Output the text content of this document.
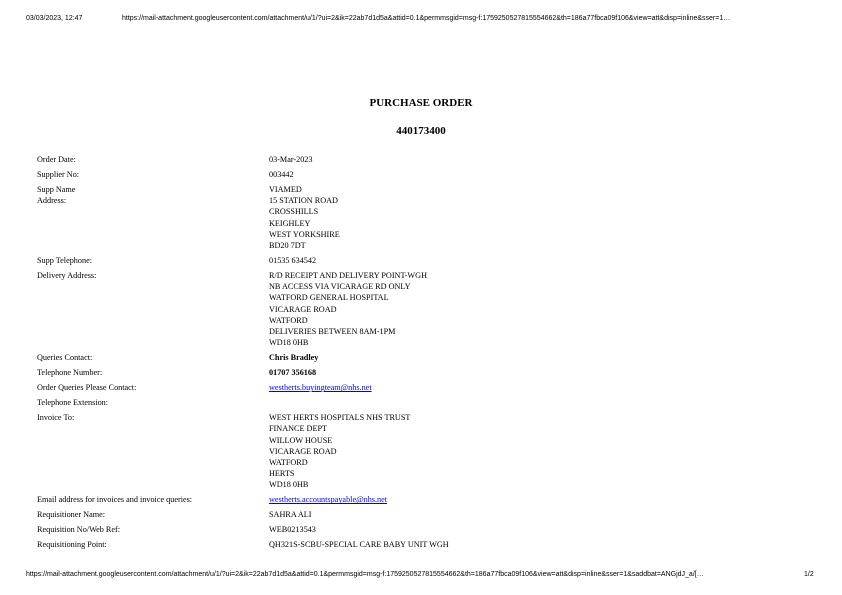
03/03/2023, 12:47	https://mail-attachment.googleusercontent.com/attachment/u/1/?ui=2&ik=22ab7d1d5a&attid=0.1&permmsgid=msg-f:1759250527815554662&th=186a77fbca09f106&view=att&disp=inline&sser=1…
PURCHASE ORDER
440173400
Order Date:	03-Mar-2023
Supplier No:	003442
Supp Name	VIAMED
Address:	15 STATION ROAD
CROSSHILLS
KEIGHLEY
WEST YORKSHIRE
BD20 7DT
Supp Telephone:	01535 634542
Delivery Address:	R/D RECEIPT AND DELIVERY POINT-WGH
NB ACCESS VIA VICARAGE RD ONLY
WATFORD GENERAL HOSPITAL
VICARAGE ROAD
WATFORD
DELIVERIES BETWEEN 8AM-1PM
WD18 0HB
Queries Contact:	Chris Bradley
Telephone Number:	01707 356168
Order Queries Please Contact:	westherts.buyingteam@nhs.net
Telephone Extension:
Invoice To:	WEST HERTS HOSPITALS NHS TRUST
FINANCE DEPT
WILLOW HOUSE
VICARAGE ROAD
WATFORD
HERTS
WD18 0HB
Email address for invoices and invoice queries:	westherts.accountspayable@nhs.net
Requisitioner Name:	SAHRA ALI
Requisition No/Web Ref:	WEB0213543
Requisitioning Point:	QH321S-SCBU-SPECIAL CARE BABY UNIT WGH
https://mail-attachment.googleusercontent.com/attachment/u/1/?ui=2&ik=22ab7d1d5a&attid=0.1&permmsgid=msg-f:1759250527815554662&th=186a77fbca09f106&view=att&disp=inline&sser=1&saddbat=ANGjdJ_a/[…	1/2
